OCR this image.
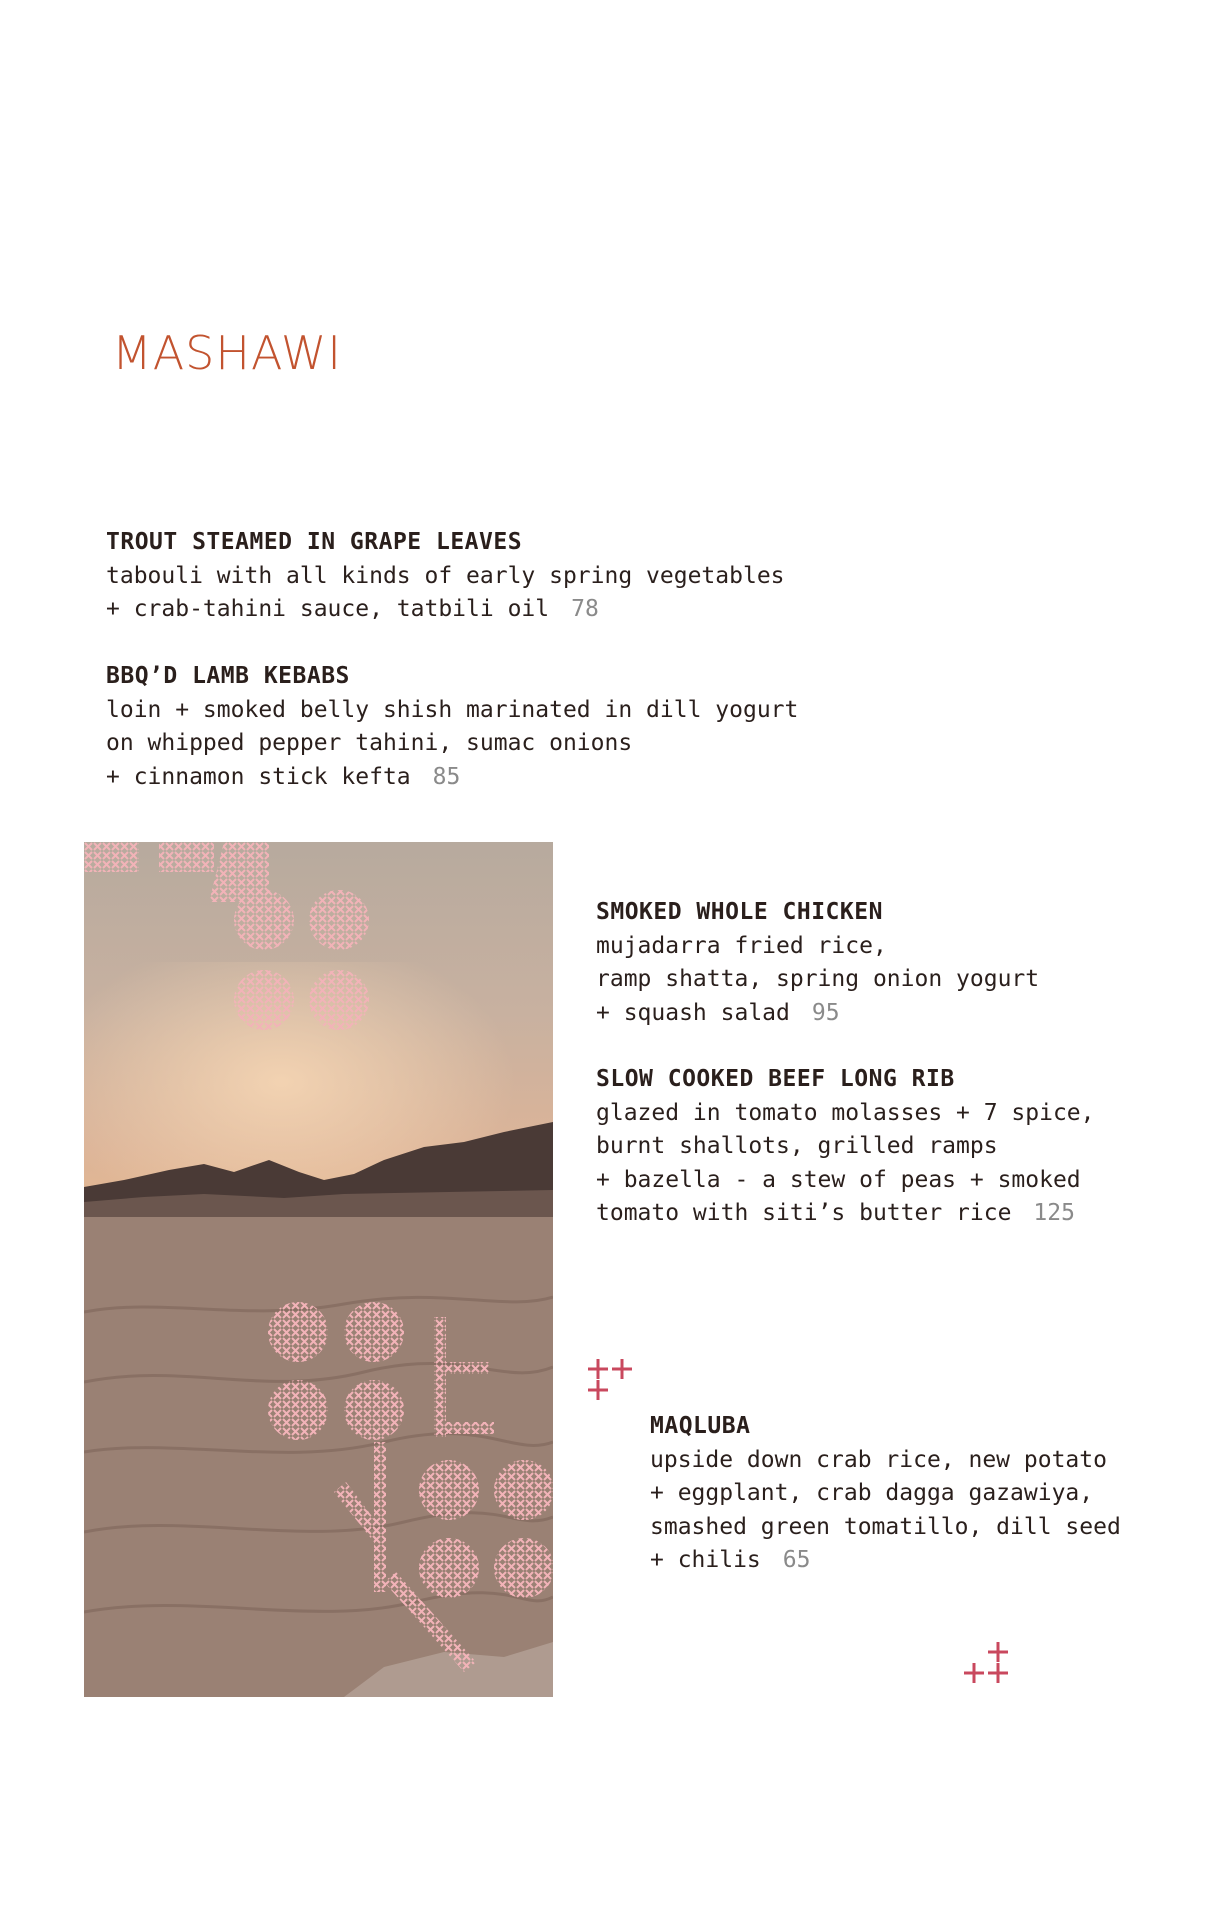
MASHAWI
TROUT STEAMED IN GRAPE LEAVES
tabouli with all kinds of early spring vegetables
+ crab-tahini sauce, tatbili oil 78
BBQ’D LAMB KEBABS
loin + smoked belly shish marinated in dill yogurt
on whipped pepper tahini, sumac onions
+ cinnamon stick kefta 85
SMOKED WHOLE CHICKEN
mujadarra fried rice,
ramp shatta, spring onion yogurt
+ squash salad 95
SLOW COOKED BEEF LONG RIB
glazed in tomato molasses + 7 spice,
burnt shallots, grilled ramps
+ bazella - a stew of peas + smoked
tomato with siti’s butter rice 125
MAQLUBA
upside down crab rice, new potato
+ eggplant, crab dagga gazawiya,
smashed green tomatillo, dill seed
+ chilis 65
